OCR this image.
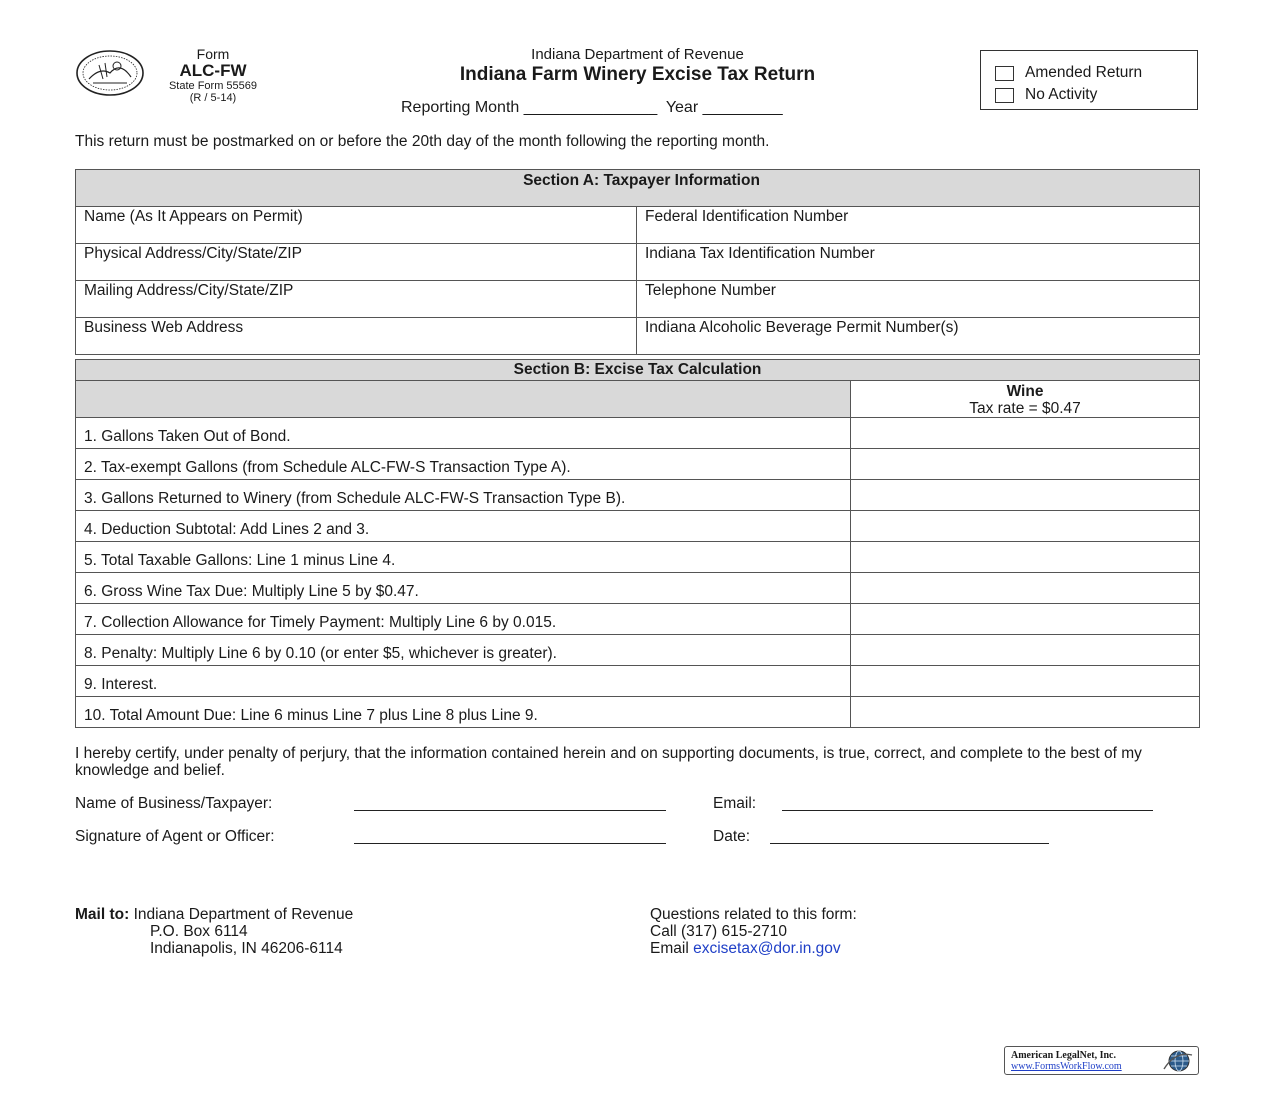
Form
ALC-FW
State Form 55569
(R / 5-14)
Indiana Department of Revenue
Indiana Farm Winery Excise Tax Return
Reporting Month _______________  Year _________
Amended Return
No Activity
This return must be postmarked on or before the 20th day of the month following the reporting month.
Section A: Taxpayer Information	
Name (As It Appears on Permit)	Federal Identification Number
Physical Address/City/State/ZIP	Indiana Tax Identification Number
Mailing Address/City/State/ZIP	Telephone Number
Business Web Address	Indiana Alcoholic Beverage Permit Number(s)
Section B: Excise Tax Calculation	

	Wine
Tax rate = $0.47

1. Gallons Taken Out of Bond.	
2. Tax-exempt Gallons (from Schedule ALC-FW-S Transaction Type A).	
3. Gallons Returned to Winery (from Schedule ALC-FW-S Transaction Type B).	
4. Deduction Subtotal: Add Lines 2 and 3.	
5. Total Taxable Gallons: Line 1 minus Line 4.	
6. Gross Wine Tax Due: Multiply Line 5 by $0.47.	
7. Collection Allowance for Timely Payment: Multiply Line 6 by 0.015.	
8. Penalty: Multiply Line 6 by 0.10 (or enter $5, whichever is greater).	
9. Interest.	
10. Total Amount Due: Line 6 minus Line 7 plus Line 8 plus Line 9.	
I hereby certify, under penalty of perjury, that the information contained herein and on supporting documents, is true, correct, and complete to the best of my knowledge and belief.
Name of Business/Taxpayer:	Email:
Signature of Agent or Officer:	Date:
Mail to: Indiana Department of Revenue
P.O. Box 6114
Indianapolis, IN 46206-6114
Questions related to this form:
Call (317) 615-2710
Email excisetax@dor.in.gov
American LegalNet, Inc.
www.FormsWorkFlow.com
